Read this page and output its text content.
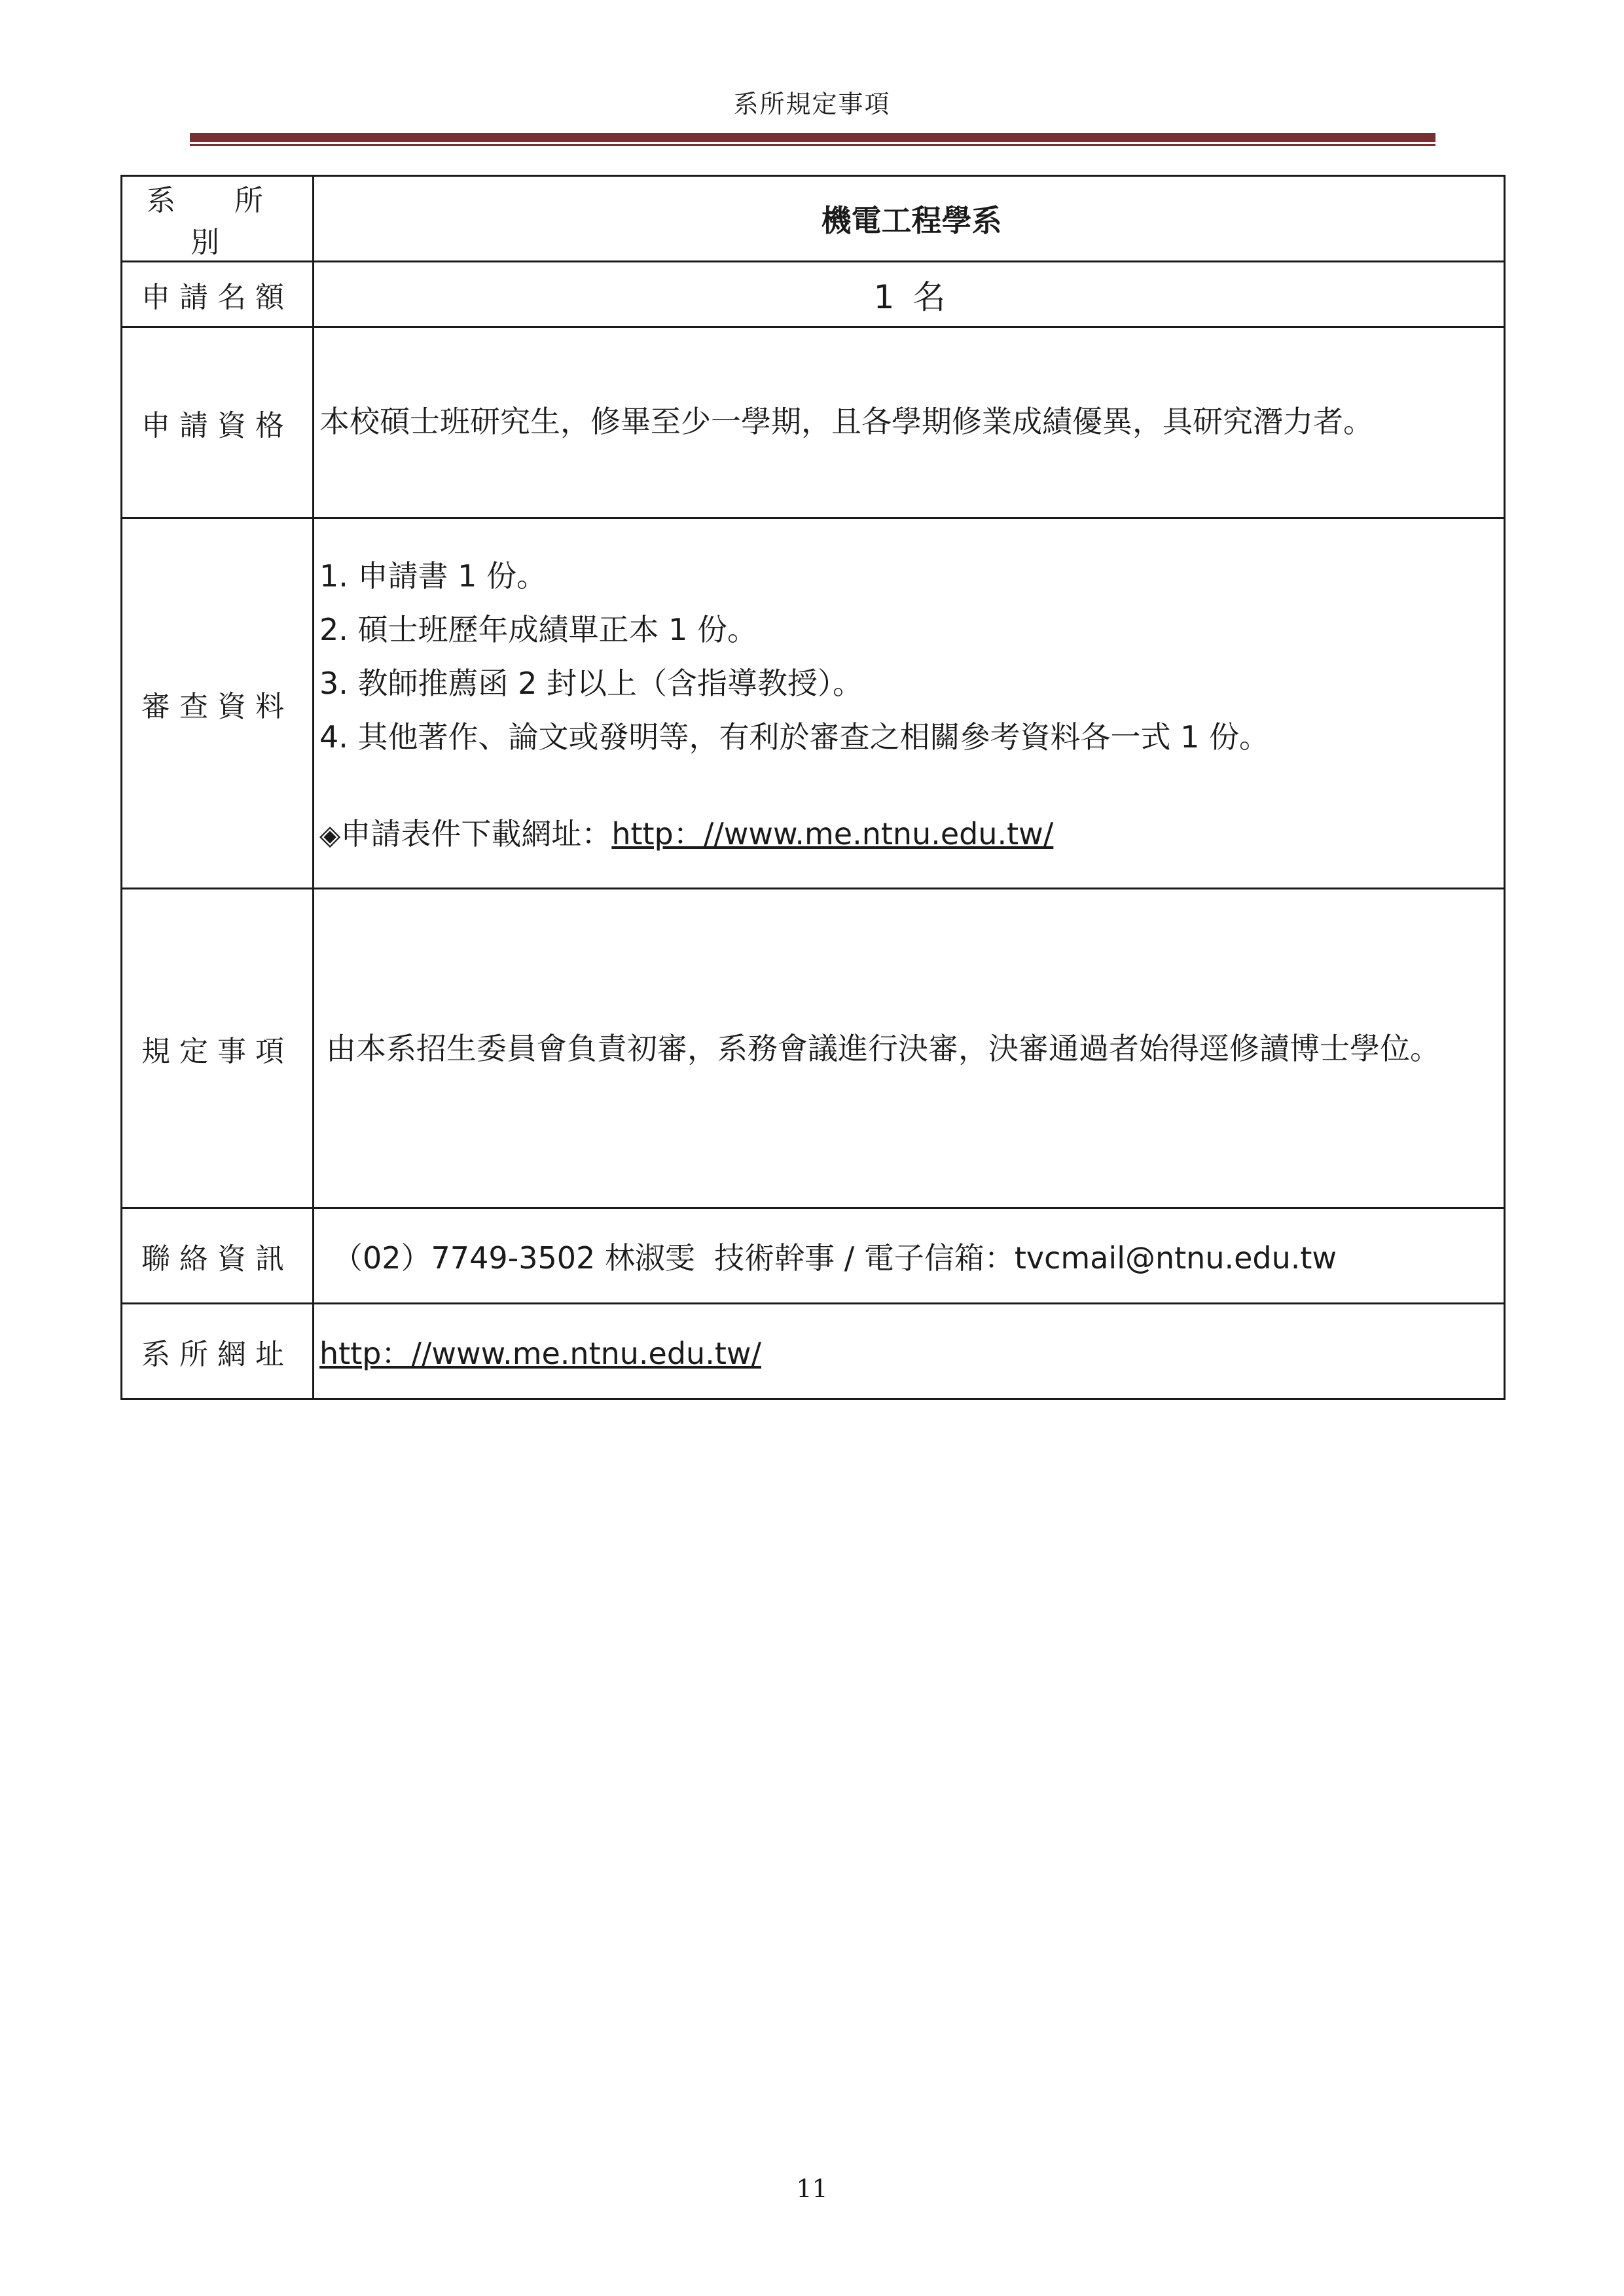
系所規定事項
系 所 別	機電工程學系
申請名額	1 名
申請資格	本校碩士班研究生，修畢至少一學期，且各學期修業成績優異，具研究潛力者。
審查資料	1. 申請書 1 份。
2. 碩士班歷年成績單正本 1 份。
3. 教師推薦函 2 封以上（含指導教授）。
4. 其他著作、論文或發明等，有利於審查之相關參考資料各一式 1 份。
◈申請表件下載網址：http：//www.me.ntnu.edu.tw/

規定事項	由本系招生委員會負責初審，系務會議進行決審，決審通過者始得逕修讀博士學位。

聯絡資訊	（02）7749-3502 林淑雯  技術幹事 / 電子信箱：tvcmail@ntnu.edu.tw
系所網址	http：//www.me.ntnu.edu.tw/
11
